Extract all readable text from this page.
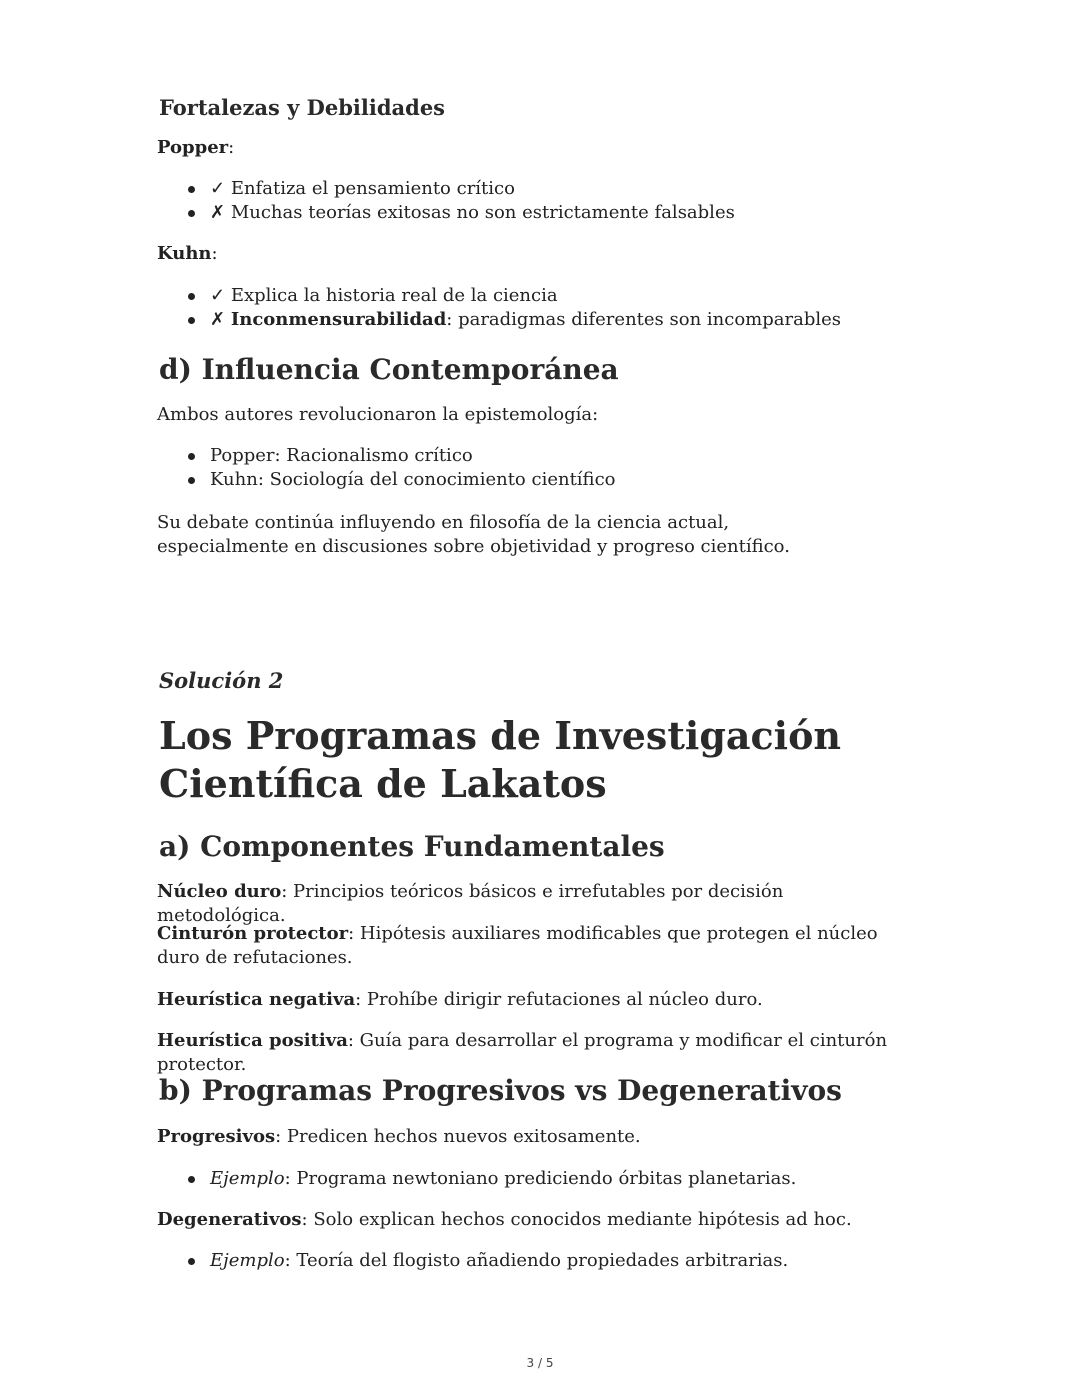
Fortalezas y Debilidades
Popper:
✓ Enfatiza el pensamiento crítico
✗ Muchas teorías exitosas no son estrictamente falsables
Kuhn:
✓ Explica la historia real de la ciencia
✗ Inconmensurabilidad: paradigmas diferentes son incomparables
d) Influencia Contemporánea
Ambos autores revolucionaron la epistemología:
Popper: Racionalismo crítico
Kuhn: Sociología del conocimiento científico
Su debate continúa influyendo en filosofía de la ciencia actual, especialmente en discusiones sobre objetividad y progreso científico.
Solución 2
Los Programas de Investigación Científica de Lakatos
a) Componentes Fundamentales
Núcleo duro: Principios teóricos básicos e irrefutables por decisión metodológica.
Cinturón protector: Hipótesis auxiliares modificables que protegen el núcleo duro de refutaciones.
Heurística negativa: Prohíbe dirigir refutaciones al núcleo duro.
Heurística positiva: Guía para desarrollar el programa y modificar el cinturón protector.
b) Programas Progresivos vs Degenerativos
Progresivos: Predicen hechos nuevos exitosamente.
Ejemplo: Programa newtoniano prediciendo órbitas planetarias.
Degenerativos: Solo explican hechos conocidos mediante hipótesis ad hoc.
Ejemplo: Teoría del flogisto añadiendo propiedades arbitrarias.
3 / 5
